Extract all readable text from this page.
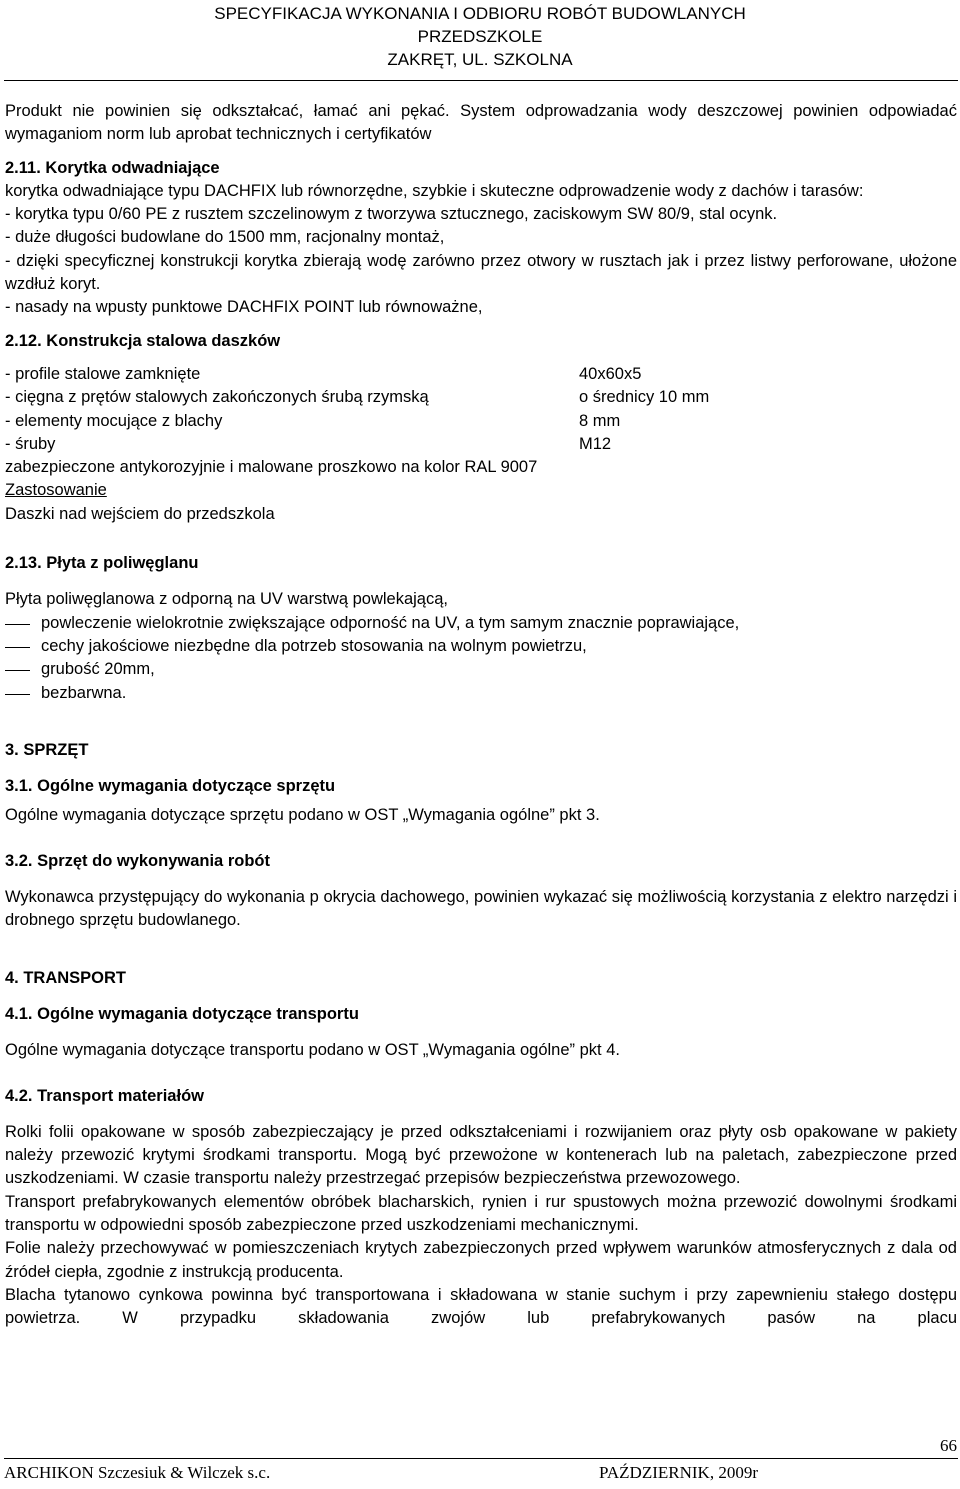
SPECYFIKACJA WYKONANIA I ODBIORU ROBÓT BUDOWLANYCH
PRZEDSZKOLE
ZAKRĘT, UL. SZKOLNA

Produkt nie powinien się odkształcać, łamać ani pękać. System odprowadzania wody deszczowej powinien odpowiadać wymaganiom norm lub aprobat technicznych i certyfikatów

2.11. Korytka odwadniające

korytka odwadniające typu DACHFIX lub równorzędne, szybkie i skuteczne odprowadzenie wody z dachów i tarasów:

- korytka typu 0/60 PE z rusztem szczelinowym z tworzywa sztucznego, zaciskowym SW 80/9, stal ocynk.

- duże długości budowlane do 1500 mm, racjonalny montaż,

- dzięki specyficznej konstrukcji korytka zbierają wodę zarówno przez otwory w rusztach jak i przez listwy perforowane, ułożone wzdłuż koryt.

- nasady na wpusty punktowe DACHFIX POINT lub równoważne,

2.12. Konstrukcja stalowa daszków

- profile stalowe zamknięte	40x60x5
- cięgna z prętów stalowych zakończonych śrubą rzymską	o średnicy 10 mm
- elementy mocujące z blachy	8 mm
- śruby	M12

zabezpieczone antykorozyjnie i malowane proszkowo na kolor RAL 9007

Zastosowanie

Daszki nad wejściem do przedszkola

2.13. Płyta z poliwęglanu

Płyta poliwęglanowa z odporną na UV warstwą powlekającą,

powleczenie wielokrotnie zwiększające odporność na UV, a tym samym znacznie poprawiające,
cechy jakościowe niezbędne dla potrzeb stosowania na wolnym powietrzu,
grubość 20mm,
bezbarwna.

3. SPRZĘT

3.1. Ogólne wymagania dotyczące sprzętu

Ogólne wymagania dotyczące sprzętu podano w OST „Wymagania ogólne” pkt 3.

3.2. Sprzęt do wykonywania robót

Wykonawca przystępujący do wykonania p okrycia dachowego, powinien wykazać się możliwością korzystania z elektro narzędzi i drobnego sprzętu budowlanego.

4. TRANSPORT

4.1. Ogólne wymagania dotyczące transportu

Ogólne wymagania dotyczące transportu podano w OST „Wymagania ogólne” pkt 4.

4.2. Transport materiałów

Rolki folii opakowane w sposób zabezpieczający je przed odkształceniami i rozwijaniem oraz płyty osb opakowane w pakiety należy przewozić krytymi środkami transportu. Mogą być przewożone w kontenerach lub na paletach, zabezpieczone przed uszkodzeniami. W czasie transportu należy przestrzegać przepisów bezpieczeństwa przewozowego.

Transport prefabrykowanych elementów obróbek blacharskich, rynien i rur spustowych można przewozić dowolnymi środkami transportu w odpowiedni sposób zabezpieczone przed uszkodzeniami mechanicznymi.

Folie należy przechowywać w pomieszczeniach krytych zabezpieczonych przed wpływem warunków atmosferycznych z dala od źródeł ciepła, zgodnie z instrukcją producenta.

Blacha tytanowo cynkowa powinna być transportowana i składowana w stanie suchym i przy zapewnieniu stałego dostępu powietrza. W przypadku składowania zwojów lub prefabrykowanych pasów na placu

66
ARCHIKON Szczesiuk & Wilczek s.c.	PAŹDZIERNIK, 2009r
